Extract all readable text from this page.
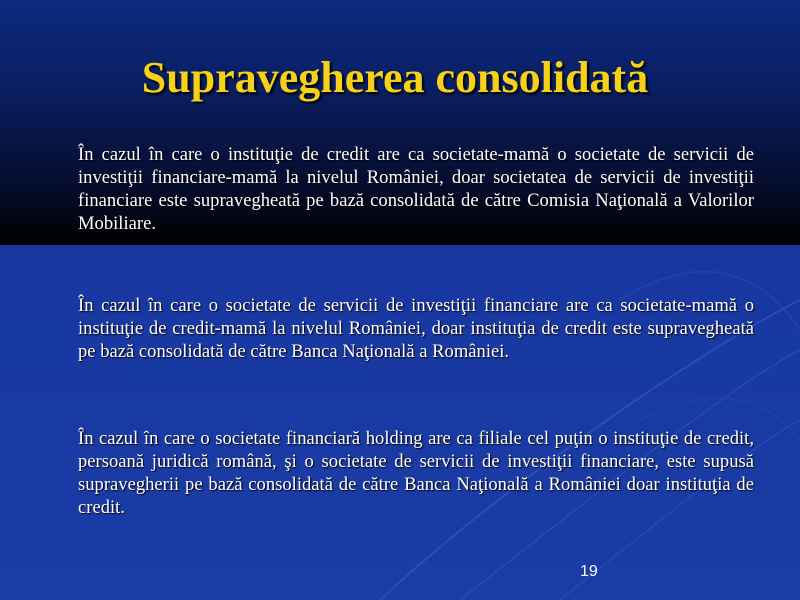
Supravegherea consolidată

În cazul în care o instituţie de credit are ca societate-mamă o societate de servicii de investiţii financiare-mamă la nivelul României, doar societatea de servicii de investiţii financiare este supravegheată pe bază consolidată de către Comisia Naţională a Valorilor Mobiliare.

În cazul în care o societate de servicii de investiţii financiare are ca societate-mamă o instituţie de credit-mamă la nivelul României, doar instituţia de credit este supravegheată pe bază consolidată de către Banca Naţională a României.

În cazul în care o societate financiară holding are ca filiale cel puţin o instituţie de credit, persoană juridică română, şi o societate de servicii de investiţii financiare, este supusă supravegherii pe bază consolidată de către Banca Naţională a României doar instituţia de credit.

19
